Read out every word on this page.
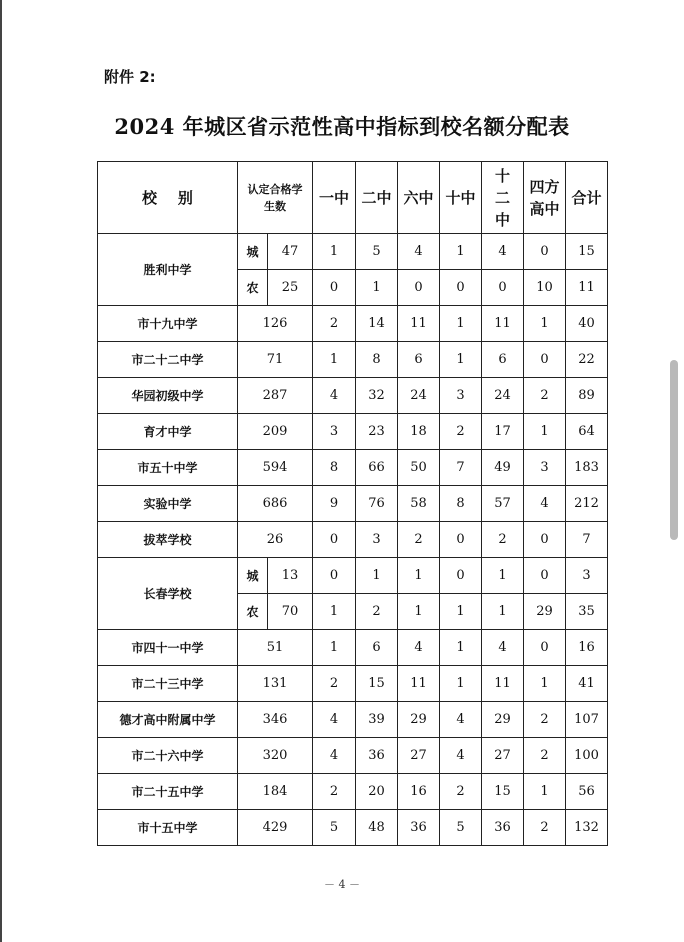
附件 2:
2024 年城区省示范性高中指标到校名额分配表
校    别	认定合格学生数		一中	二中	六中	十中	十二中	四方高中	合计
胜利中学	城	47	1	5	4	1	4	0	15
	农	25	0	1	0	0	0	10	11
市十九中学	126		2	14	11	1	11	1	40
市二十二中学	71		1	8	6	1	6	0	22
华园初级中学	287		4	32	24	3	24	2	89
育才中学	209		3	23	18	2	17	1	64
市五十中学	594		8	66	50	7	49	3	183
实验中学	686		9	76	58	8	57	4	212
拔萃学校	26		0	3	2	0	2	0	7
长春学校	城	13	0	1	1	0	1	0	3
	农	70	1	2	1	1	1	29	35
市四十一中学	51		1	6	4	1	4	0	16
市二十三中学	131		2	15	11	1	11	1	41
德才高中附属中学	346		4	39	29	4	29	2	107
市二十六中学	320		4	36	27	4	27	2	100
市二十五中学	184		2	20	16	2	15	1	56
市十五中学	429		5	48	36	5	36	2	132
－ 4 －
